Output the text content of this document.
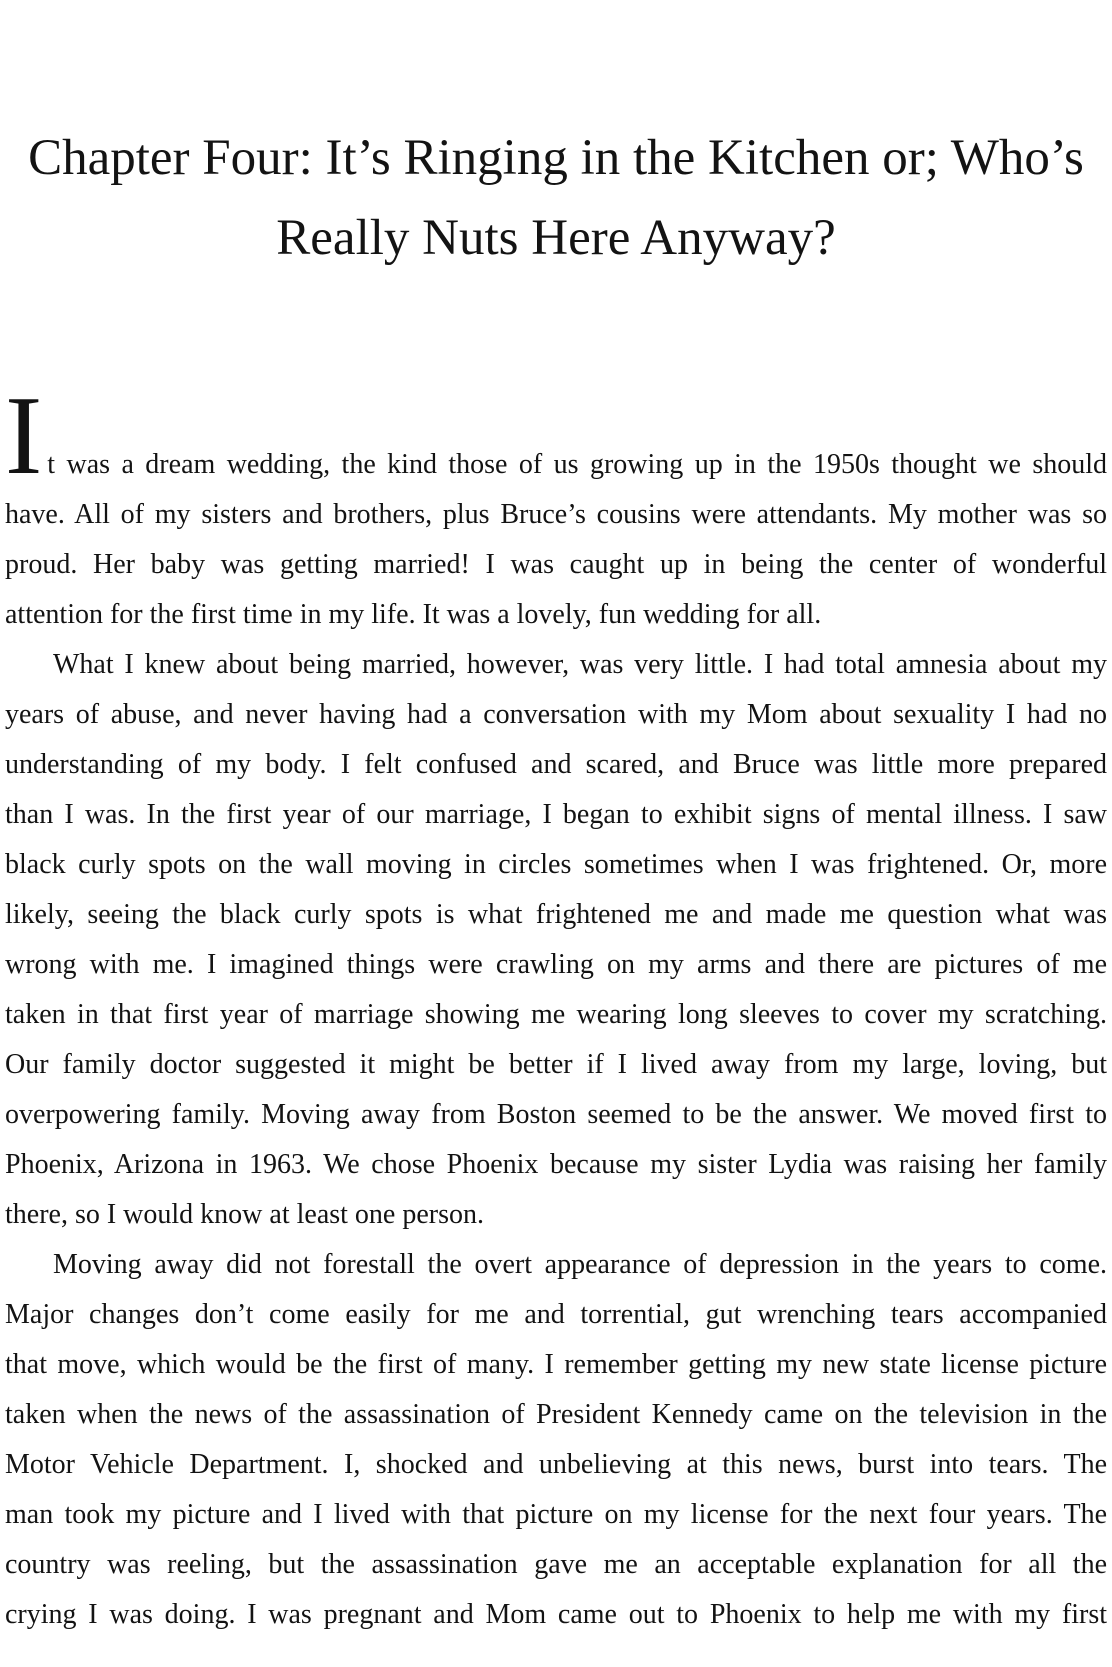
Chapter Four: It’s Ringing in the Kitchen or; Who’s
Really Nuts Here Anyway?
It was a dream wedding, the kind those of us growing up in the 1950s thought we should
have. All of my sisters and brothers, plus Bruce’s cousins were attendants. My mother was so
proud. Her baby was getting married! I was caught up in being the center of wonderful
attention for the first time in my life. It was a lovely, fun wedding for all.
What I knew about being married, however, was very little. I had total amnesia about my
years of abuse, and never having had a conversation with my Mom about sexuality I had no
understanding of my body. I felt confused and scared, and Bruce was little more prepared
than I was. In the first year of our marriage, I began to exhibit signs of mental illness. I saw
black curly spots on the wall moving in circles sometimes when I was frightened. Or, more
likely, seeing the black curly spots is what frightened me and made me question what was
wrong with me. I imagined things were crawling on my arms and there are pictures of me
taken in that first year of marriage showing me wearing long sleeves to cover my scratching.
Our family doctor suggested it might be better if I lived away from my large, loving, but
overpowering family. Moving away from Boston seemed to be the answer. We moved first to
Phoenix, Arizona in 1963. We chose Phoenix because my sister Lydia was raising her family
there, so I would know at least one person.
Moving away did not forestall the overt appearance of depression in the years to come.
Major changes don’t come easily for me and torrential, gut wrenching tears accompanied
that move, which would be the first of many. I remember getting my new state license picture
taken when the news of the assassination of President Kennedy came on the television in the
Motor Vehicle Department. I, shocked and unbelieving at this news, burst into tears. The
man took my picture and I lived with that picture on my license for the next four years. The
country was reeling, but the assassination gave me an acceptable explanation for all the
crying I was doing. I was pregnant and Mom came out to Phoenix to help me with my first
